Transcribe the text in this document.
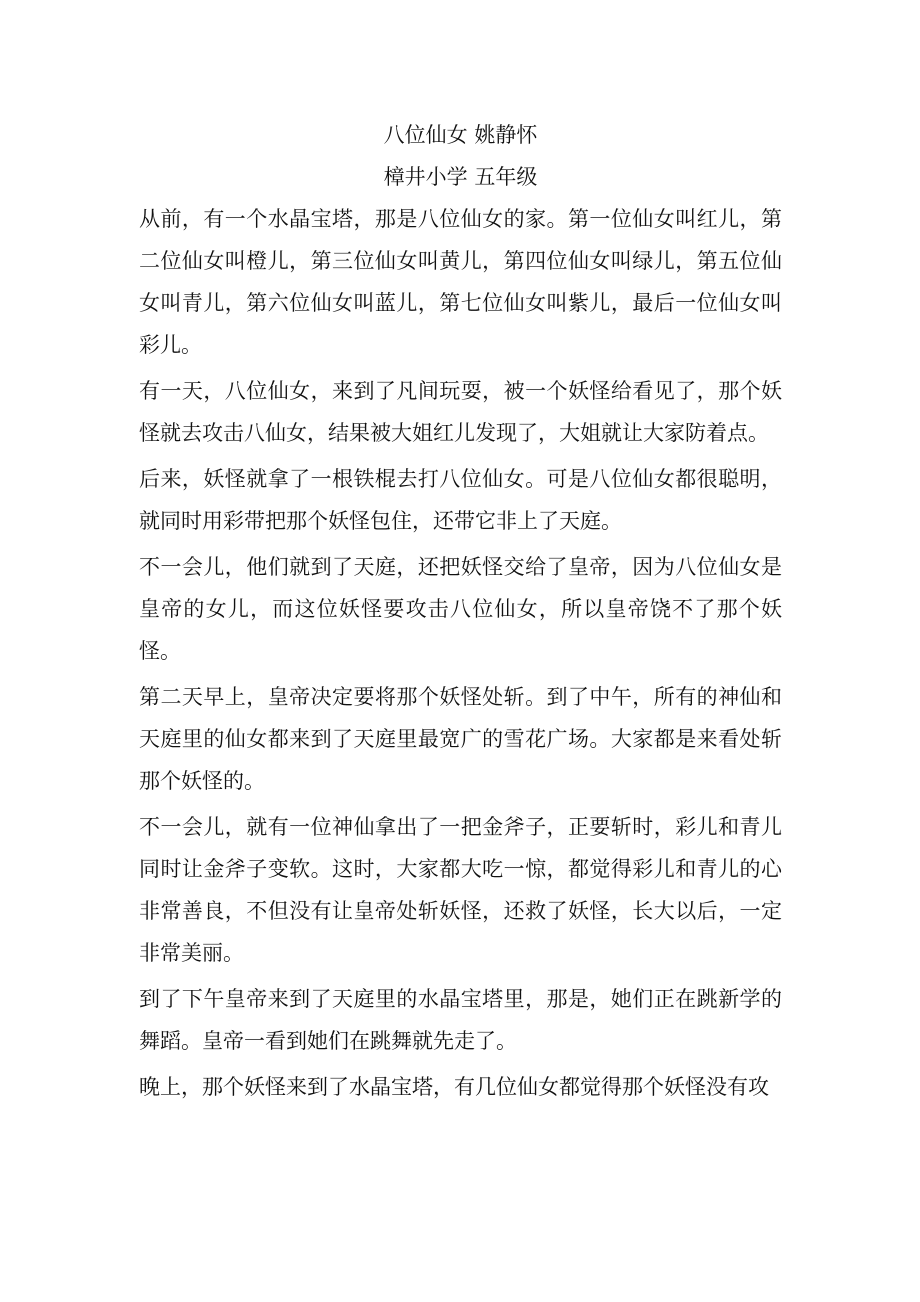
八位仙女 姚静怀

樟井小学 五年级

从前，有一个水晶宝塔，那是八位仙女的家。第一位仙女叫红儿，第二位仙女叫橙儿，第三位仙女叫黄儿，第四位仙女叫绿儿，第五位仙女叫青儿，第六位仙女叫蓝儿，第七位仙女叫紫儿，最后一位仙女叫彩儿。

有一天，八位仙女，来到了凡间玩耍，被一个妖怪给看见了，那个妖怪就去攻击八仙女，结果被大姐红儿发现了，大姐就让大家防着点。

后来，妖怪就拿了一根铁棍去打八位仙女。可是八位仙女都很聪明，就同时用彩带把那个妖怪包住，还带它非上了天庭。

不一会儿，他们就到了天庭，还把妖怪交给了皇帝，因为八位仙女是皇帝的女儿，而这位妖怪要攻击八位仙女，所以皇帝饶不了那个妖怪。

第二天早上，皇帝决定要将那个妖怪处斩。到了中午，所有的神仙和天庭里的仙女都来到了天庭里最宽广的雪花广场。大家都是来看处斩那个妖怪的。

不一会儿，就有一位神仙拿出了一把金斧子，正要斩时，彩儿和青儿同时让金斧子变软。这时，大家都大吃一惊，都觉得彩儿和青儿的心非常善良，不但没有让皇帝处斩妖怪，还救了妖怪，长大以后，一定非常美丽。

到了下午皇帝来到了天庭里的水晶宝塔里，那是，她们正在跳新学的舞蹈。皇帝一看到她们在跳舞就先走了。

晚上，那个妖怪来到了水晶宝塔，有几位仙女都觉得那个妖怪没有攻
